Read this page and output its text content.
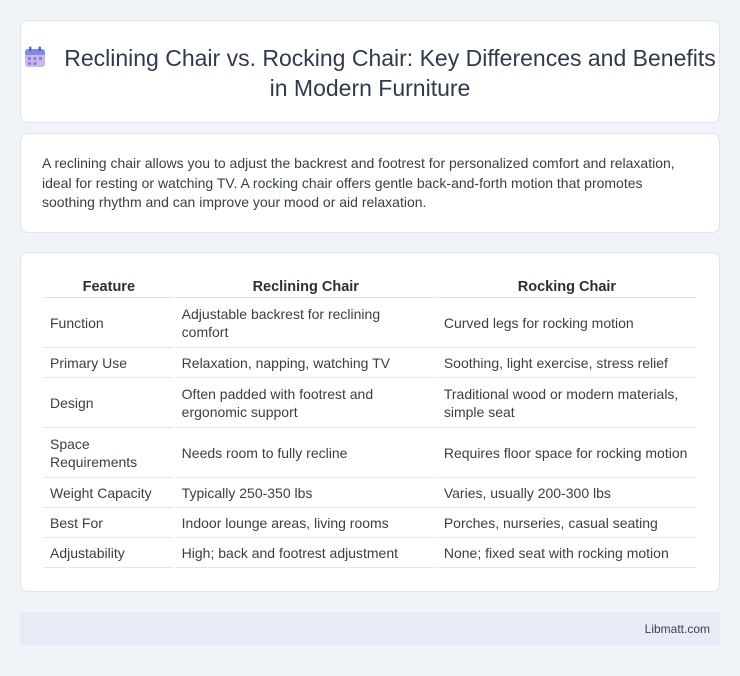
Reclining Chair vs. Rocking Chair: Key Differences and Benefits in Modern Furniture

A reclining chair allows you to adjust the backrest and footrest for personalized comfort and relaxation, ideal for resting or watching TV. A rocking chair offers gentle back-and-forth motion that promotes soothing rhythm and can improve your mood or aid relaxation.

Feature	Reclining Chair	Rocking Chair
Function	Adjustable backrest for reclining comfort	Curved legs for rocking motion
Primary Use	Relaxation, napping, watching TV	Soothing, light exercise, stress relief
Design	Often padded with footrest and ergonomic support	Traditional wood or modern materials, simple seat
Space Requirements	Needs room to fully recline	Requires floor space for rocking motion
Weight Capacity	Typically 250-350 lbs	Varies, usually 200-300 lbs
Best For	Indoor lounge areas, living rooms	Porches, nurseries, casual seating
Adjustability	High; back and footrest adjustment	None; fixed seat with rocking motion
Libmatt.com
